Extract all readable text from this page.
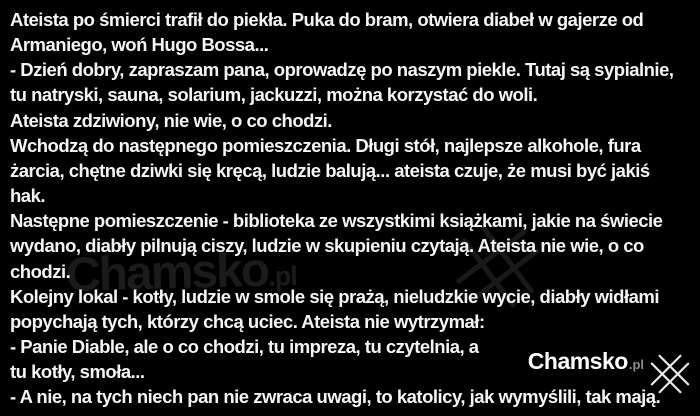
Chamsko.pl
Ateista po śmierci trafił do piekła. Puka do bram, otwiera diabeł w gajerze od
Armaniego, woń Hugo Bossa...
- Dzień dobry, zapraszam pana, oprowadzę po naszym piekle. Tutaj są sypialnie,
tu natryski, sauna, solarium, jackuzzi, można korzystać do woli.
Ateista zdziwiony, nie wie, o co chodzi.
Wchodzą do następnego pomieszczenia. Długi stół, najlepsze alkohole, fura
żarcia, chętne dziwki się kręcą, ludzie balują... ateista czuje, że musi być jakiś
hak.
Następne pomieszczenie - biblioteka ze wszystkimi książkami, jakie na świecie
wydano, diabły pilnują ciszy, ludzie w skupieniu czytają. Ateista nie wie, o co
chodzi.
Kolejny lokal - kotły, ludzie w smole się prażą, nieludzkie wycie, diabły widłami
popychają tych, którzy chcą uciec. Ateista nie wytrzymał:
- Panie Diable, ale o co chodzi, tu impreza, tu czytelnia, a
tu kotły, smoła...
- A nie, na tych niech pan nie zwraca uwagi, to katolicy, jak wymyślili, tak mają.
Chamsko .pl
